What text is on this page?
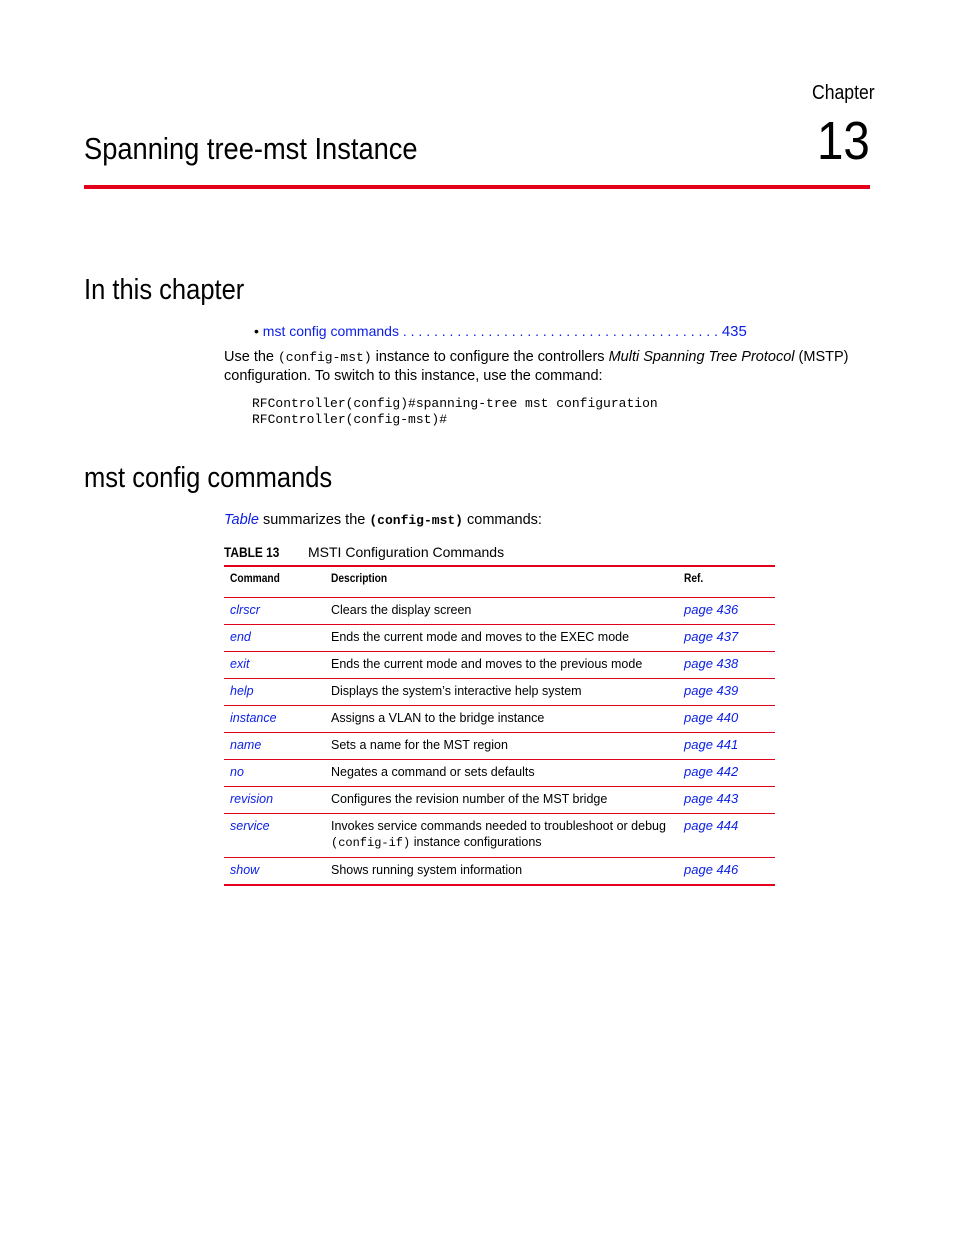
Chapter
13
Spanning tree-mst Instance
In this chapter
• mst config commands . . . . . . . . . . . . . . . . . . . . . . . . . . . . . . . . . . . . . . . . . 435
Use the (config-mst) instance to configure the controllers Multi Spanning Tree Protocol (MSTP) configuration. To switch to this instance, use the command:
RFController(config)#spanning-tree mst configuration
RFController(config-mst)#
mst config commands
Table summarizes the (config-mst) commands:
TABLE 13 MSTI Configuration Commands
Command	Description	Ref.
clrscr	Clears the display screen	page 436
end	Ends the current mode and moves to the EXEC mode	page 437
exit	Ends the current mode and moves to the previous mode	page 438
help	Displays the system’s interactive help system	page 439
instance	Assigns a VLAN to the bridge instance	page 440
name	Sets a name for the MST region	page 441
no	Negates a command or sets defaults	page 442
revision	Configures the revision number of the MST bridge	page 443
service	Invokes service commands needed to troubleshoot or debug
(config-if) instance configurations	page 444
show	Shows running system information	page 446
